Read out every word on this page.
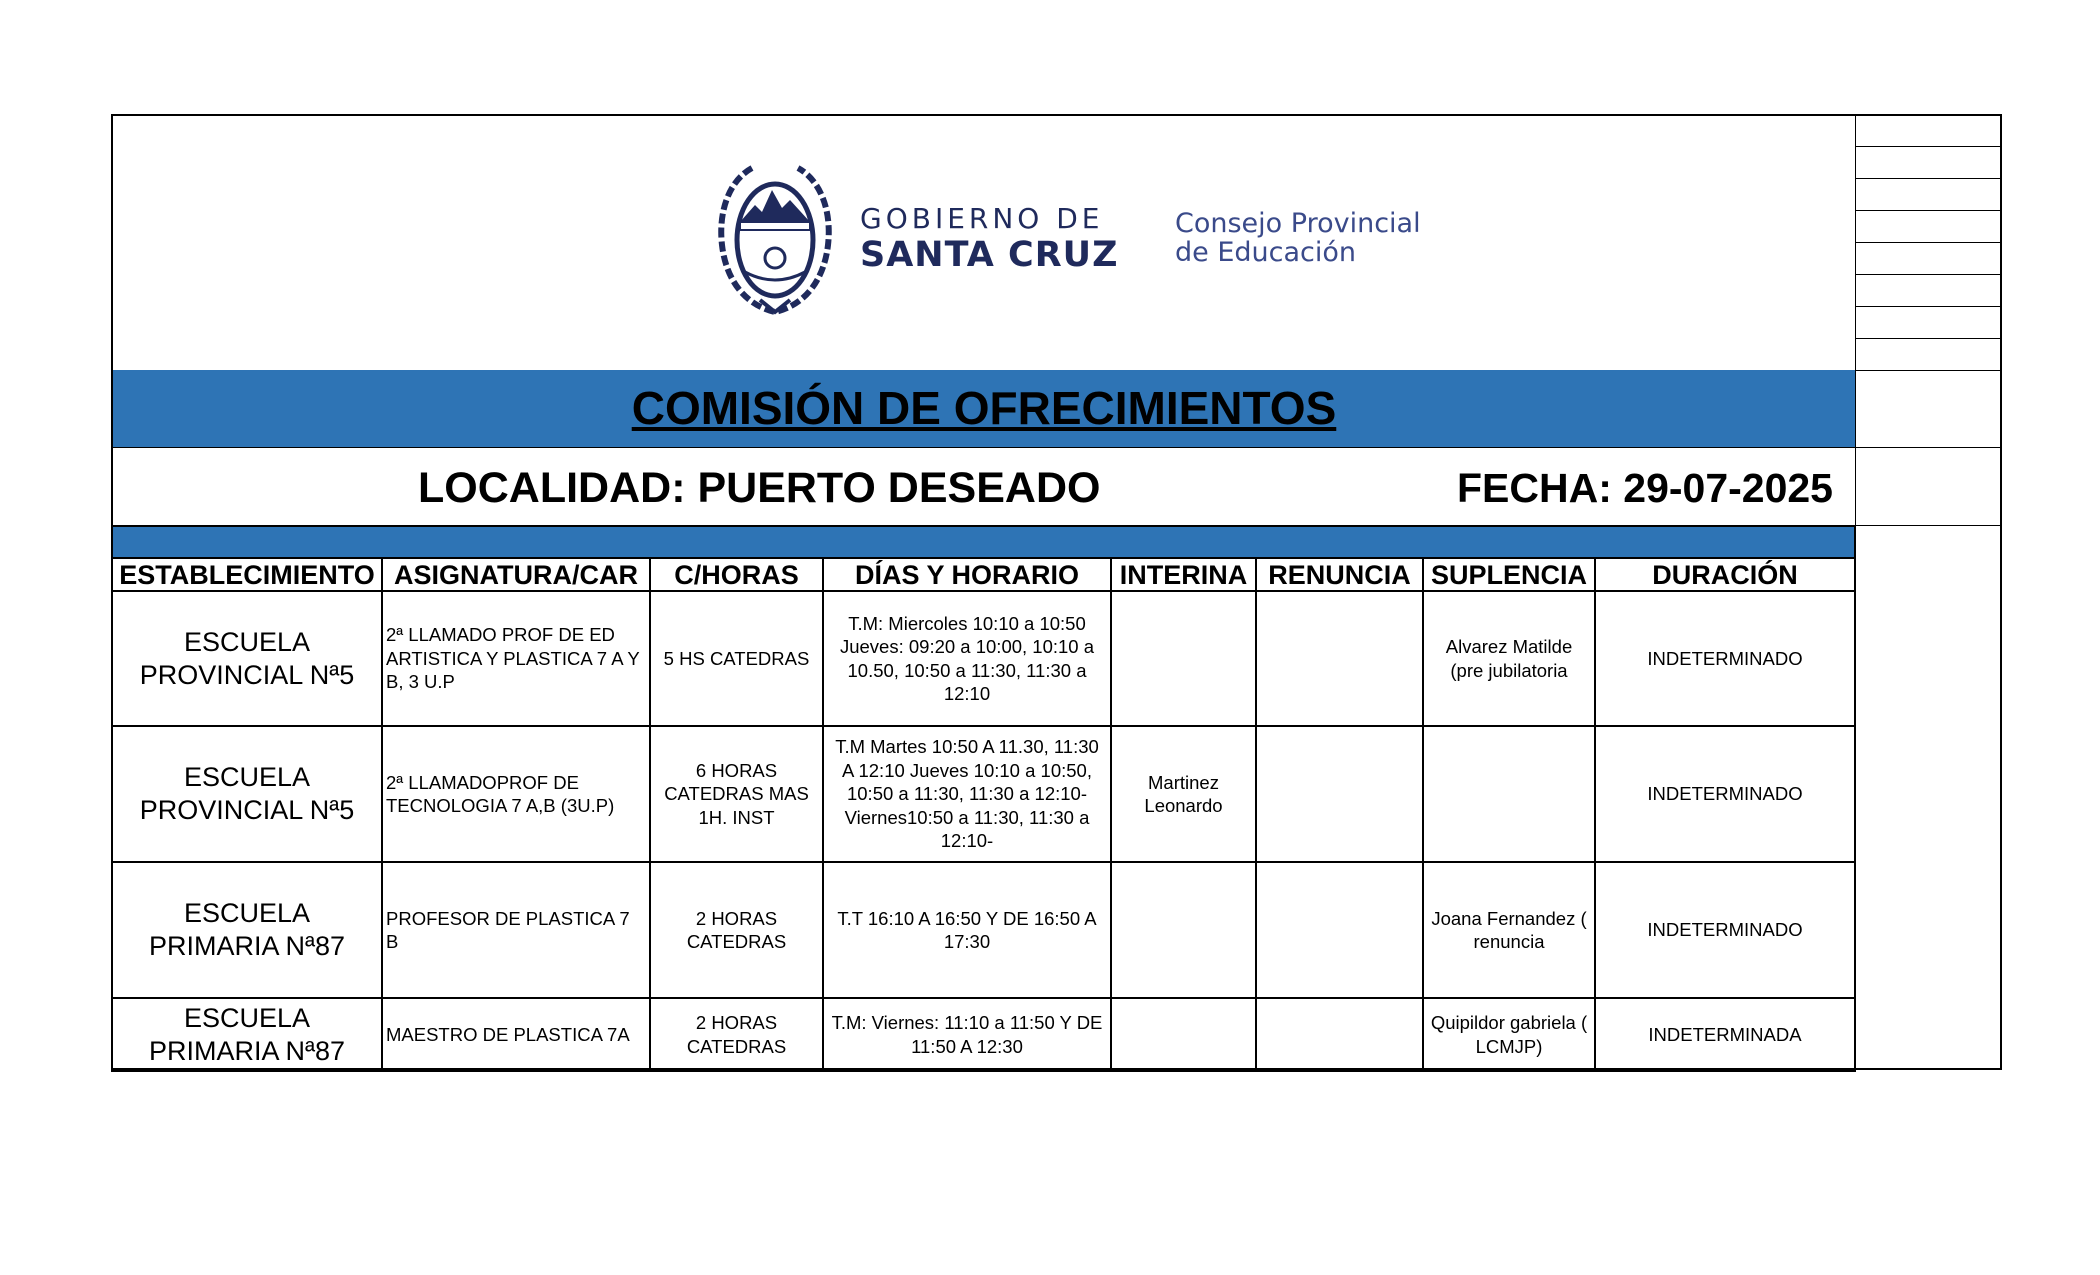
GOBIERNO DE
SANTA CRUZ
Consejo Provincial
de Educación
COMISIÓN DE OFRECIMIENTOS
LOCALIDAD: PUERTO DESEADO	FECHA: 29-07-2025

ESTABLECIMIENTO	ASIGNATURA/CAR	C/HORAS	DÍAS Y HORARIO	INTERINA	RENUNCIA	SUPLENCIA	DURACIÓN
ESCUELA PROVINCIAL Nª5	2ª LLAMADO PROF DE ED ARTISTICA Y PLASTICA 7 A Y B, 3 U.P	5 HS CATEDRAS	T.M: Miercoles 10:10 a 10:50 Jueves: 09:20 a 10:00, 10:10 a 10.50, 10:50 a 11:30, 11:30 a 12:10			Alvarez Matilde (pre jubilatoria	INDETERMINADO
ESCUELA PROVINCIAL Nª5	2ª LLAMADOPROF DE TECNOLOGIA 7 A,B (3U.P)	6 HORAS CATEDRAS MAS 1H. INST	T.M Martes 10:50 A 11.30, 11:30 A 12:10 Jueves 10:10 a 10:50, 10:50 a 11:30, 11:30 a 12:10- Viernes10:50 a 11:30, 11:30 a 12:10-	Martinez Leonardo			INDETERMINADO
ESCUELA PRIMARIA Nª87	PROFESOR DE PLASTICA 7 B	2 HORAS CATEDRAS	T.T 16:10 A 16:50 Y DE 16:50 A 17:30			Joana Fernandez ( renuncia	INDETERMINADO
ESCUELA PRIMARIA Nª87	MAESTRO DE PLASTICA 7A	2 HORAS CATEDRAS	T.M: Viernes: 11:10 a 11:50 Y DE 11:50 A 12:30			Quipildor gabriela ( LCMJP)	INDETERMINADA
